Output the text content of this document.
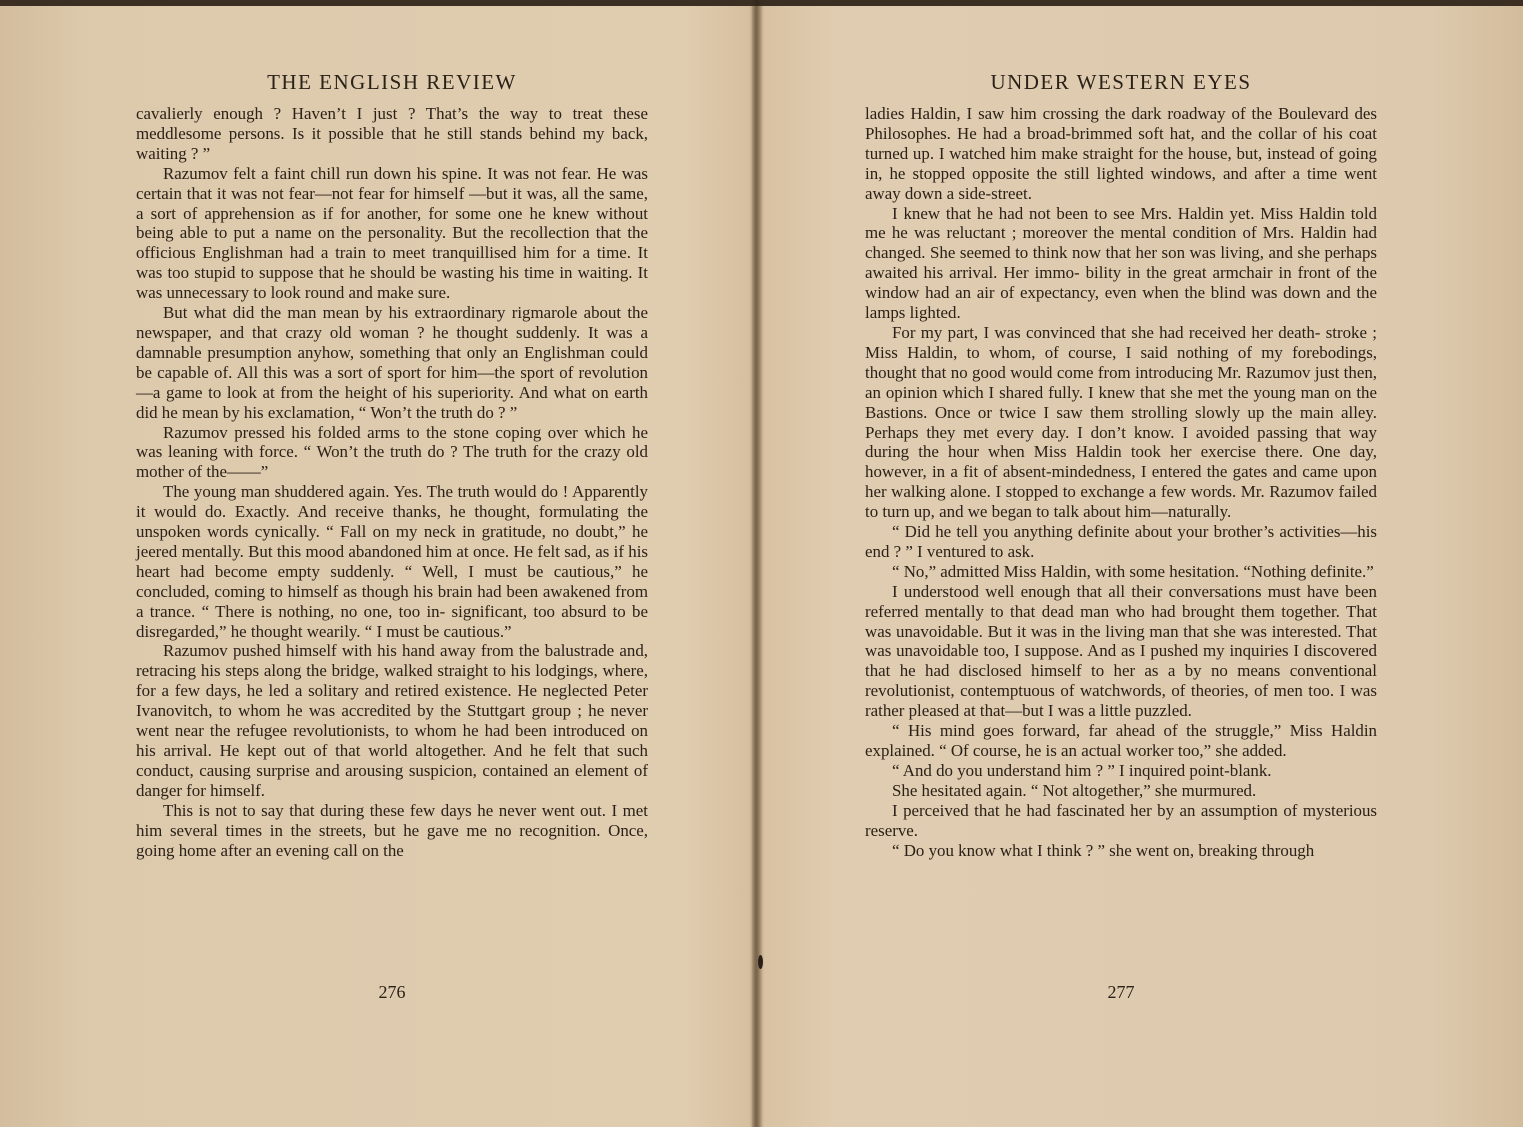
THE ENGLISH REVIEW

cavalierly enough ? Haven’t I just ? That’s the way to treat these meddlesome persons. Is it possible that he still stands behind my back, waiting ? ”

Razumov felt a faint chill run down his spine. It was not fear. He was certain that it was not fear—not fear for himself —but it was, all the same, a sort of apprehension as if for another, for some one he knew without being able to put a name on the personality. But the recollection that the officious Englishman had a train to meet tranquillised him for a time. It was too stupid to suppose that he should be wasting his time in waiting. It was unnecessary to look round and make sure.

But what did the man mean by his extraordinary rigmarole about the newspaper, and that crazy old woman ? he thought suddenly. It was a damnable presumption anyhow, something that only an Englishman could be capable of. All this was a sort of sport for him—the sport of revolution—a game to look at from the height of his superiority. And what on earth did he mean by his exclamation, “ Won’t the truth do ? ”

Razumov pressed his folded arms to the stone coping over which he was leaning with force. “ Won’t the truth do ? The truth for the crazy old mother of the——”

The young man shuddered again. Yes. The truth would do ! Apparently it would do. Exactly. And receive thanks, he thought, formulating the unspoken words cynically. “ Fall on my neck in gratitude, no doubt,” he jeered mentally. But this mood abandoned him at once. He felt sad, as if his heart had become empty suddenly. “ Well, I must be cautious,” he concluded, coming to himself as though his brain had been awakened from a trance. “ There is nothing, no one, too in- significant, too absurd to be disregarded,” he thought wearily. “ I must be cautious.”

Razumov pushed himself with his hand away from the balustrade and, retracing his steps along the bridge, walked straight to his lodgings, where, for a few days, he led a solitary and retired existence. He neglected Peter Ivanovitch, to whom he was accredited by the Stuttgart group ; he never went near the refugee revolutionists, to whom he had been introduced on his arrival. He kept out of that world altogether. And he felt that such conduct, causing surprise and arousing suspicion, contained an element of danger for himself.

This is not to say that during these few days he never went out. I met him several times in the streets, but he gave me no recognition. Once, going home after an evening call on the

276
UNDER WESTERN EYES

ladies Haldin, I saw him crossing the dark roadway of the Boulevard des Philosophes. He had a broad-brimmed soft hat, and the collar of his coat turned up. I watched him make straight for the house, but, instead of going in, he stopped opposite the still lighted windows, and after a time went away down a side-street.

I knew that he had not been to see Mrs. Haldin yet. Miss Haldin told me he was reluctant ; moreover the mental condition of Mrs. Haldin had changed. She seemed to think now that her son was living, and she perhaps awaited his arrival. Her immo- bility in the great armchair in front of the window had an air of expectancy, even when the blind was down and the lamps lighted.

For my part, I was convinced that she had received her death- stroke ; Miss Haldin, to whom, of course, I said nothing of my forebodings, thought that no good would come from introducing Mr. Razumov just then, an opinion which I shared fully. I knew that she met the young man on the Bastions. Once or twice I saw them strolling slowly up the main alley. Perhaps they met every day. I don’t know. I avoided passing that way during the hour when Miss Haldin took her exercise there. One day, however, in a fit of absent-mindedness, I entered the gates and came upon her walking alone. I stopped to exchange a few words. Mr. Razumov failed to turn up, and we began to talk about him—naturally.

“ Did he tell you anything definite about your brother’s activities—his end ? ” I ventured to ask.

“ No,” admitted Miss Haldin, with some hesitation. “Nothing definite.”

I understood well enough that all their conversations must have been referred mentally to that dead man who had brought them together. That was unavoidable. But it was in the living man that she was interested. That was unavoidable too, I suppose. And as I pushed my inquiries I discovered that he had disclosed himself to her as a by no means conventional revolutionist, contemptuous of watchwords, of theories, of men too. I was rather pleased at that—but I was a little puzzled.

“ His mind goes forward, far ahead of the struggle,” Miss Haldin explained. “ Of course, he is an actual worker too,” she added.

“ And do you understand him ? ” I inquired point-blank.

She hesitated again. “ Not altogether,” she murmured.

I perceived that he had fascinated her by an assumption of mysterious reserve.

“ Do you know what I think ? ” she went on, breaking through

277
